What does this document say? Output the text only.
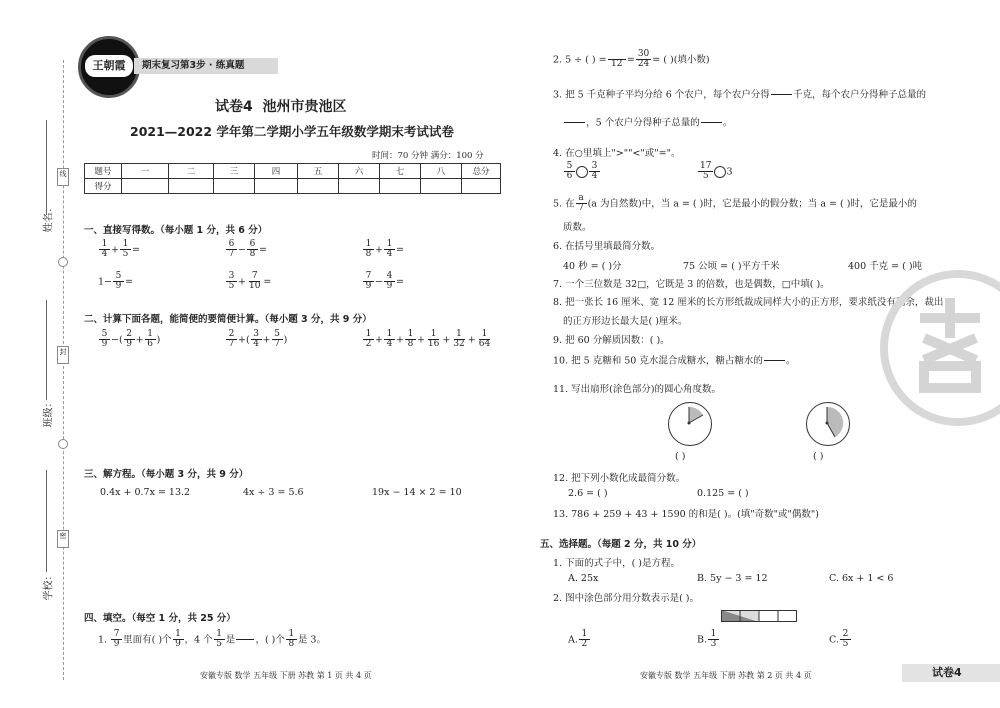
线
封
密
姓名：
班级：
学校：
王朝霞	期末复习第3步 · 练真题
试卷4 池州市贵池区
2021—2022 学年第二学期小学五年级数学期末考试试卷
时间：70 分钟 满分：100 分
题号	一	二	三	四	五	六	七	八	总分
得分									
一、直接写得数。（每小题 1 分，共 6 分）
$\frac{1}{4} + \frac{1}{5}$ =	$\frac{6}{7} - \frac{6}{8}$ =	$\frac{1}{8} + \frac{1}{4}$ =
$1- \frac{5}{9}$ =	$\frac{3}{5} + \frac{7}{10}$ =	$\frac{7}{9} - \frac{4}{9}$ =
二、计算下面各题，能简便的要简便计算。（每小题 3 分，共 9 分）
$\frac{5}{9}$ −( $\frac{2}{9} + \frac{1}{6}$ )	$\frac{2}{7}$ +( $\frac{3}{4} + \frac{5}{7}$ )	$\frac{1}{2} + \frac{1}{4} + \frac{1}{8} + \frac{1}{16} + \frac{1}{32} + \frac{1}{64}$
三、解方程。（每小题 3 分，共 9 分）
0.4x + 0.7x = 13.2	4x ÷ 3 = 5.6	19x − 14 × 2 = 10
四、填空。（每空 1 分，共 25 分）
1. $\frac{7}{9}$ 里面有( )个 $\frac{1}{9}$ ，4 个 $\frac{1}{5}$ 是

，( )个 $\frac{1}{8}$ 是 3。
安徽专版 数学 五年级 下册 苏教 第 1 页 共 4 页
2. 5 ÷ ( ) =
$12 = \frac{30}{24}$ = ( )(填小数)
3. 把 5 千克种子平均分给 6 个农户，每个农户分得

千克，每个农户分得种子总量的

，5 个农户分得种子总量的

。
4. 在○里填上">""<"或"="。
$\frac{5}{6} \frac{3}{4}$	$\frac{17}{5} 3$
5. 在 $\frac{a}{7} (a$ 为自然数)中，当 a = ( )时，它是最小的假分数；当 a = ( )时，它是最小的
质数。
6. 在括号里填最简分数。
40 秒 = ( )分	75 公顷 = ( )平方千米	400 千克 = ( )吨
7. 一个三位数是 32□，它既是 3 的倍数，也是偶数，□中填( )。
8. 把一张长 16 厘米、宽 12 厘米的长方形纸裁成同样大小的正方形，要求纸没有剩余，裁出
的正方形边长最大是( )厘米。
9. 把 60 分解质因数：( )。
10. 把 5 克糖和 50 克水混合成糖水，糖占糖水的

。
11. 写出扇形(涂色部分)的圆心角度数。
( )	( )
12. 把下列小数化成最简分数。
2.6 = ( )	0.125 = ( )
13. 786 + 259 + 43 + 1590 的和是( )。(填"奇数"或"偶数")
五、选择题。（每题 2 分，共 10 分）
1. 下面的式子中，( )是方程。
A. 25x	B. 5y − 3 = 12	C. 6x + 1 < 6
2. 图中涂色部分用分数表示是( )。
A. $\frac{1}{2}$	B. $\frac{1}{3}$	C. $\frac{2}{5}$
安徽专版 数学 五年级 下册 苏教 第 2 页 共 4 页	试卷4
